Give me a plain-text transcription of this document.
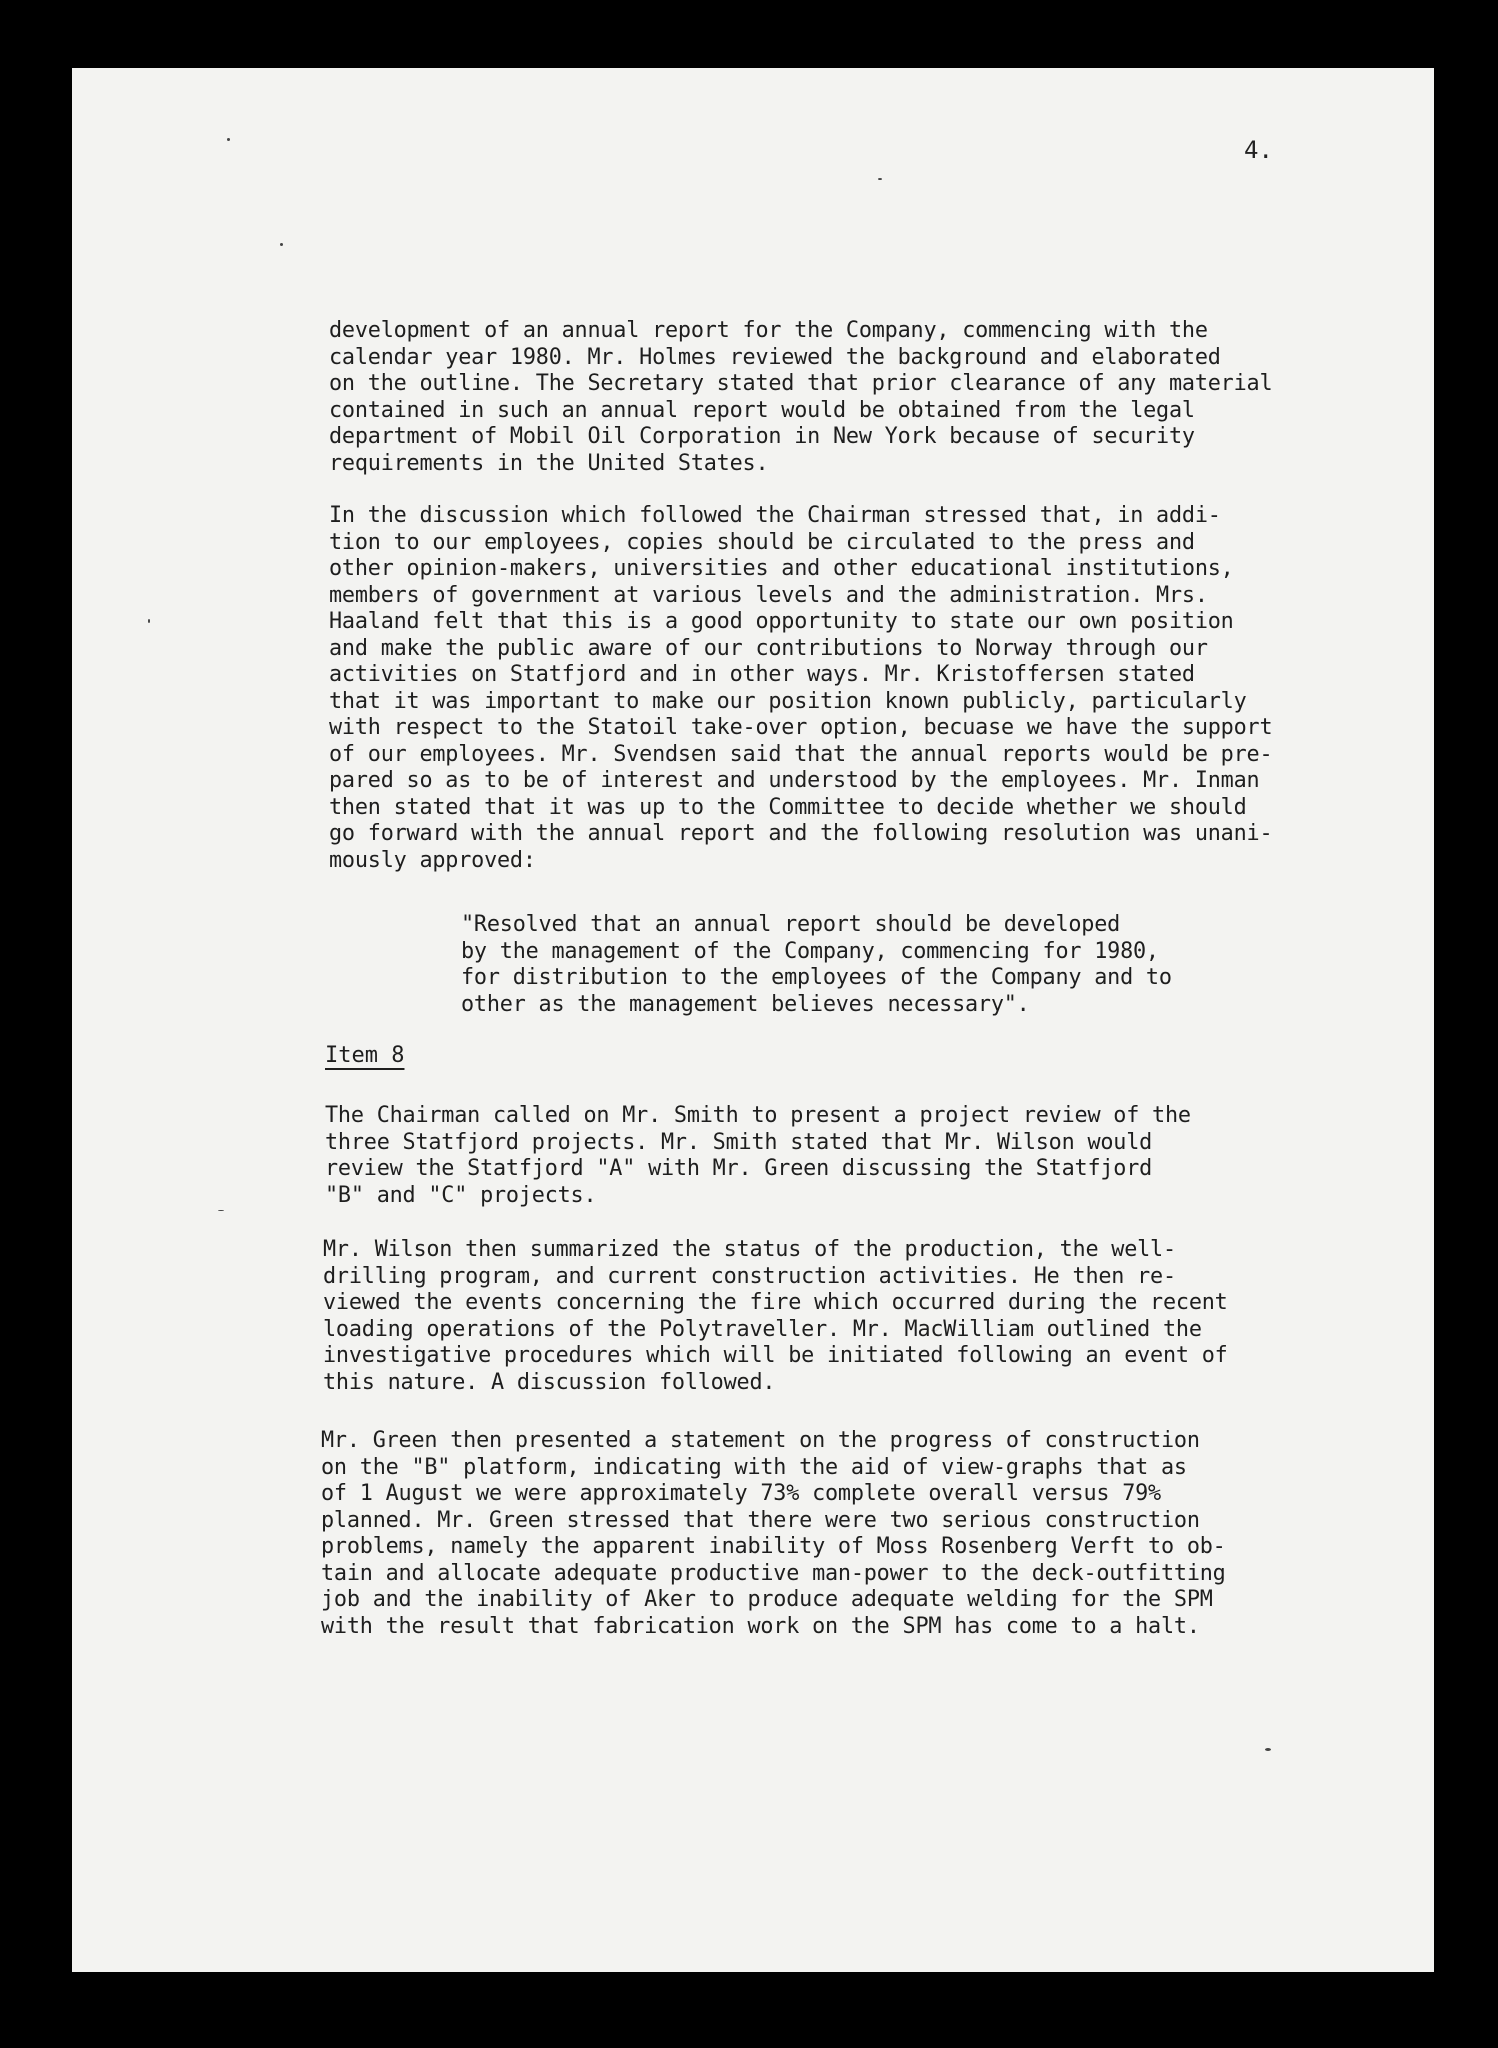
4.
development of an annual report for the Company, commencing with the
calendar year 1980. Mr. Holmes reviewed the background and elaborated
on the outline. The Secretary stated that prior clearance of any material
contained in such an annual report would be obtained from the legal
department of Mobil Oil Corporation in New York because of security
requirements in the United States.
In the discussion which followed the Chairman stressed that, in addi-
tion to our employees, copies should be circulated to the press and
other opinion-makers, universities and other educational institutions,
members of government at various levels and the administration. Mrs.
Haaland felt that this is a good opportunity to state our own position
and make the public aware of our contributions to Norway through our
activities on Statfjord and in other ways. Mr. Kristoffersen stated
that it was important to make our position known publicly, particularly
with respect to the Statoil take-over option, becuase we have the support
of our employees. Mr. Svendsen said that the annual reports would be pre-
pared so as to be of interest and understood by the employees. Mr. Inman
then stated that it was up to the Committee to decide whether we should
go forward with the annual report and the following resolution was unani-
mously approved:
"Resolved that an annual report should be developed
by the management of the Company, commencing for 1980,
for distribution to the employees of the Company and to
other as the management believes necessary".
Item 8
The Chairman called on Mr. Smith to present a project review of the
three Statfjord projects. Mr. Smith stated that Mr. Wilson would
review the Statfjord "A" with Mr. Green discussing the Statfjord
"B" and "C" projects.
Mr. Wilson then summarized the status of the production, the well-
drilling program, and current construction activities. He then re-
viewed the events concerning the fire which occurred during the recent
loading operations of the Polytraveller. Mr. MacWilliam outlined the
investigative procedures which will be initiated following an event of
this nature. A discussion followed.
Mr. Green then presented a statement on the progress of construction
on the "B" platform, indicating with the aid of view-graphs that as
of 1 August we were approximately 73% complete overall versus 79%
planned. Mr. Green stressed that there were two serious construction
problems, namely the apparent inability of Moss Rosenberg Verft to ob-
tain and allocate adequate productive man-power to the deck-outfitting
job and the inability of Aker to produce adequate welding for the SPM
with the result that fabrication work on the SPM has come to a halt.
